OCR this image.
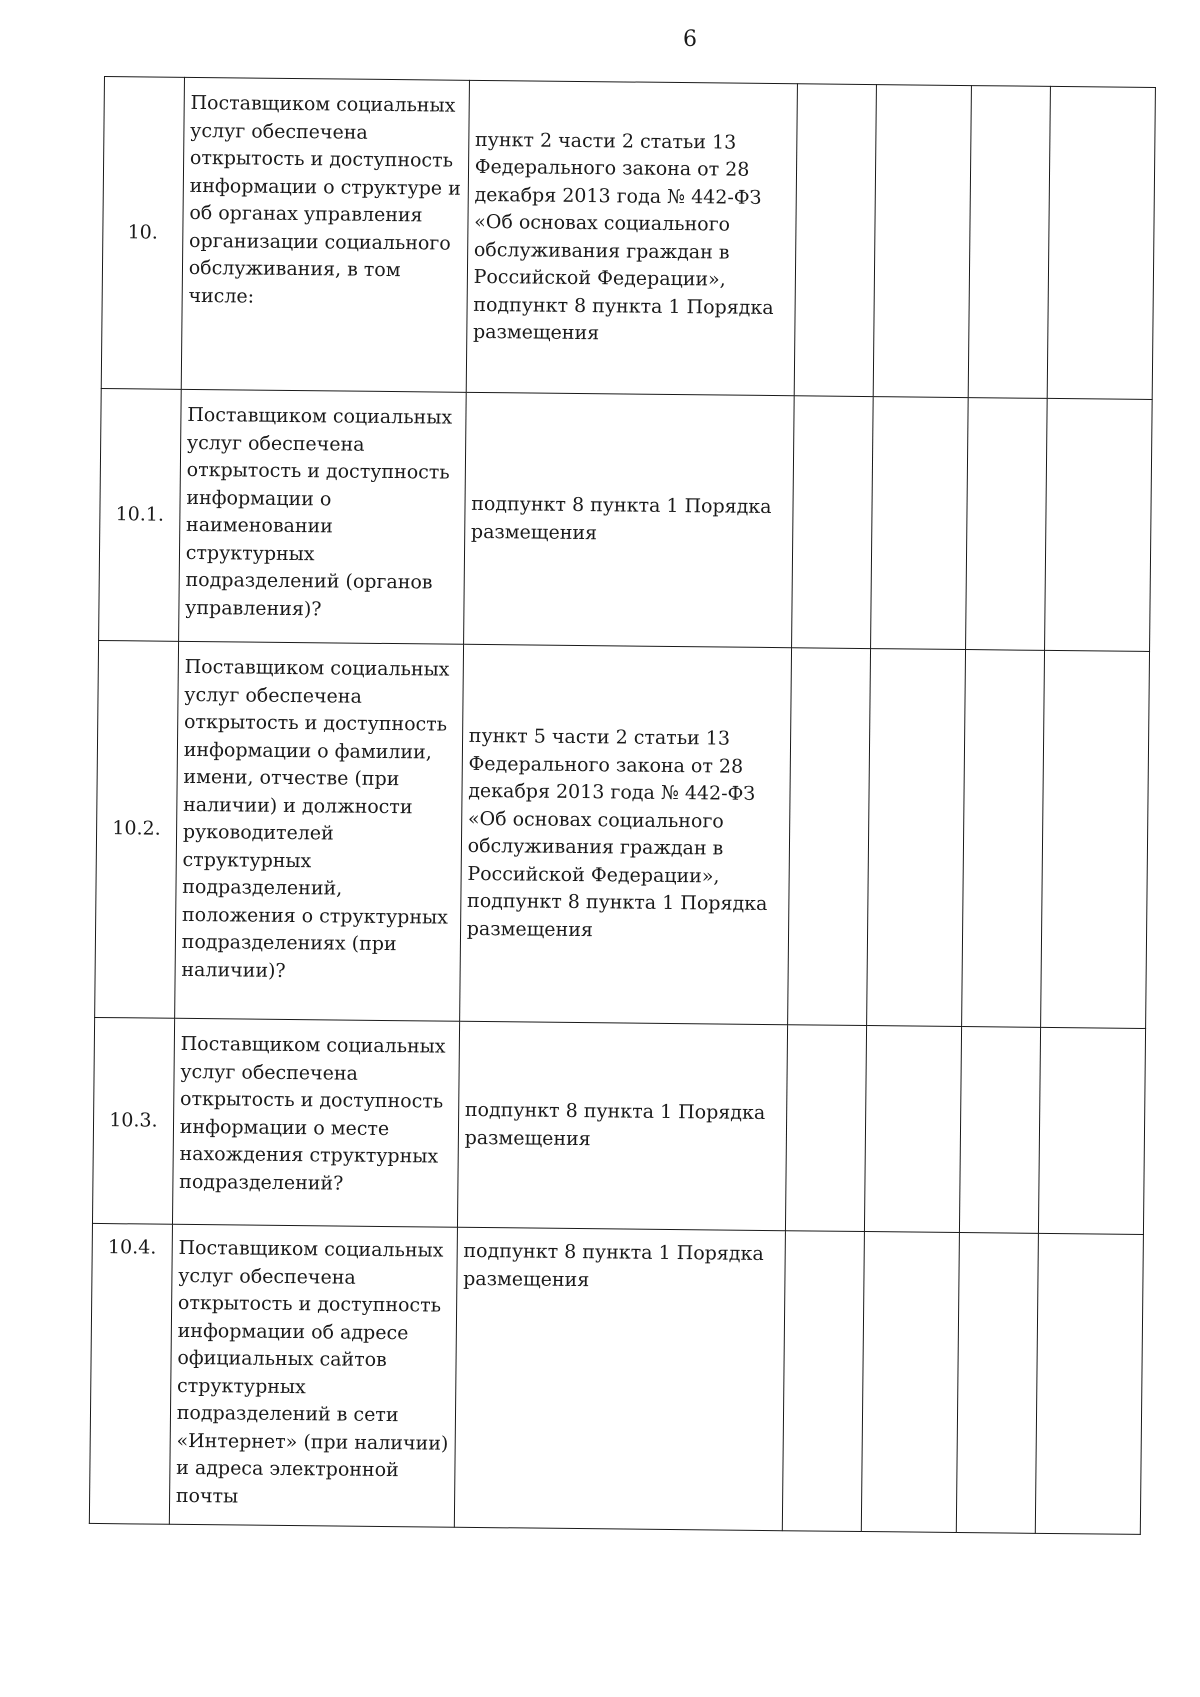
6
10.	Поставщиком социальных услуг обеспечена открытость и доступность информации о структуре и об органах управления организации социального обслуживания, в том числе:	пункт 2 части 2 статьи 13 Федерального закона от 28 декабря 2013 года № 442-ФЗ «Об основах социального обслуживания граждан в Российской Федерации», подпункт 8 пункта 1 Порядка размещения				
10.1.	Поставщиком социальных услуг обеспечена открытость и доступность информации о наименовании структурных подразделений (органов управления)?	подпункт 8 пункта 1 Порядка размещения				
10.2.	Поставщиком социальных услуг обеспечена открытость и доступность информации о фамилии, имени, отчестве (при наличии) и должности руководителей структурных подразделений, положения о структурных подразделениях (при наличии)?	пункт 5 части 2 статьи 13 Федерального закона от 28 декабря 2013 года № 442-ФЗ «Об основах социального обслуживания граждан в Российской Федерации», подпункт 8 пункта 1 Порядка размещения				
10.3.	Поставщиком социальных услуг обеспечена открытость и доступность информации о месте нахождения структурных подразделений?	подпункт 8 пункта 1 Порядка размещения				
10.4.	Поставщиком социальных услуг обеспечена открытость и доступность информации об адресе официальных сайтов структурных подразделений в сети «Интернет» (при наличии) и адреса электронной почты	подпункт 8 пункта 1 Порядка размещения				
